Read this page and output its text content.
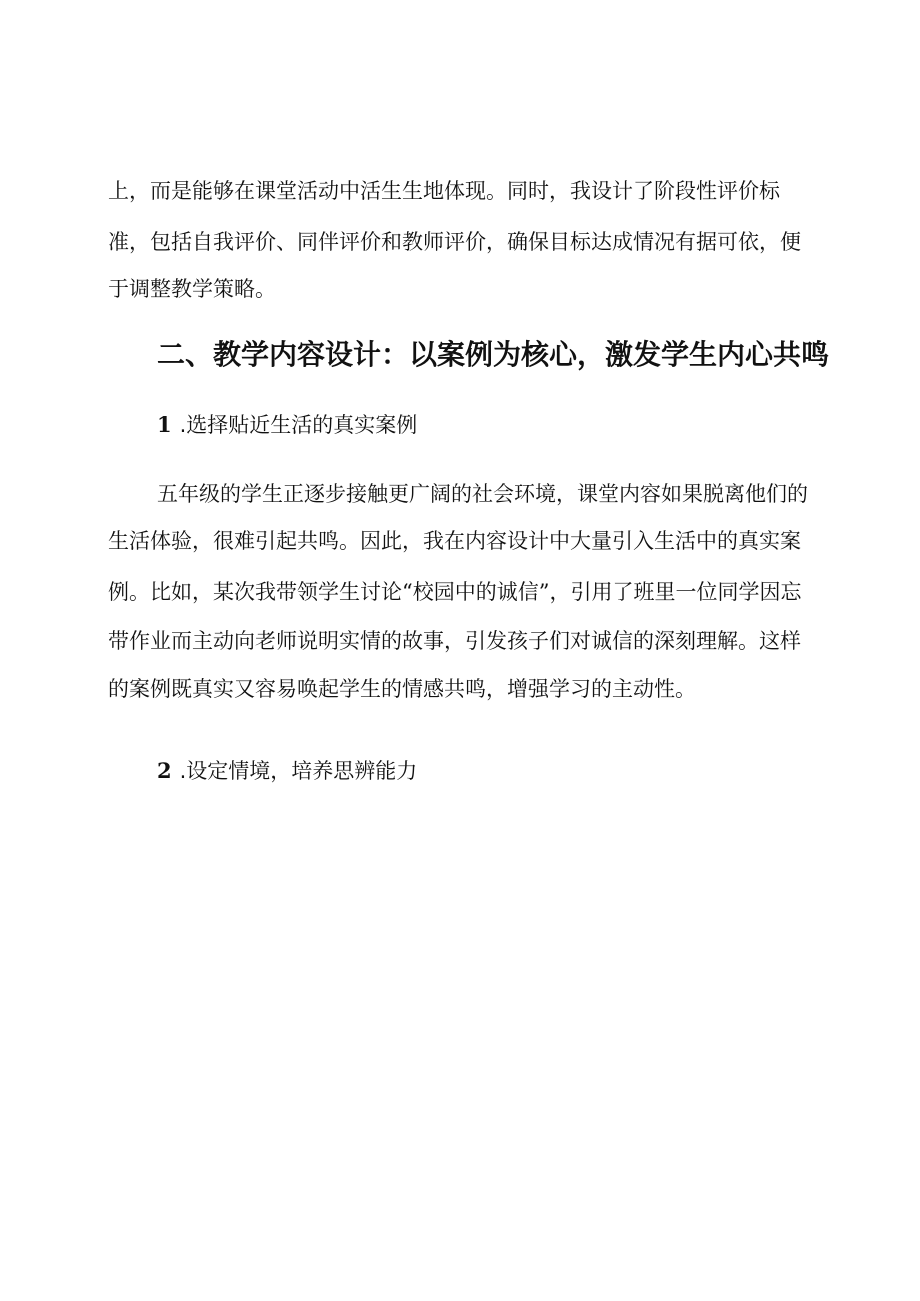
上，而是能够在课堂活动中活生生地体现。同时，我设计了阶段性评价标
准，包括自我评价、同伴评价和教师评价，确保目标达成情况有据可依，便
于调整教学策略。
二、教学内容设计：以案例为核心，激发学生内心共鸣
1 .选择贴近生活的真实案例
五年级的学生正逐步接触更广阔的社会环境，课堂内容如果脱离他们的
生活体验，很难引起共鸣。因此，我在内容设计中大量引入生活中的真实案
例。比如，某次我带领学生讨论“校园中的诚信”，引用了班里一位同学因忘
带作业而主动向老师说明实情的故事，引发孩子们对诚信的深刻理解。这样
的案例既真实又容易唤起学生的情感共鸣，增强学习的主动性。
2 .设定情境，培养思辨能力
